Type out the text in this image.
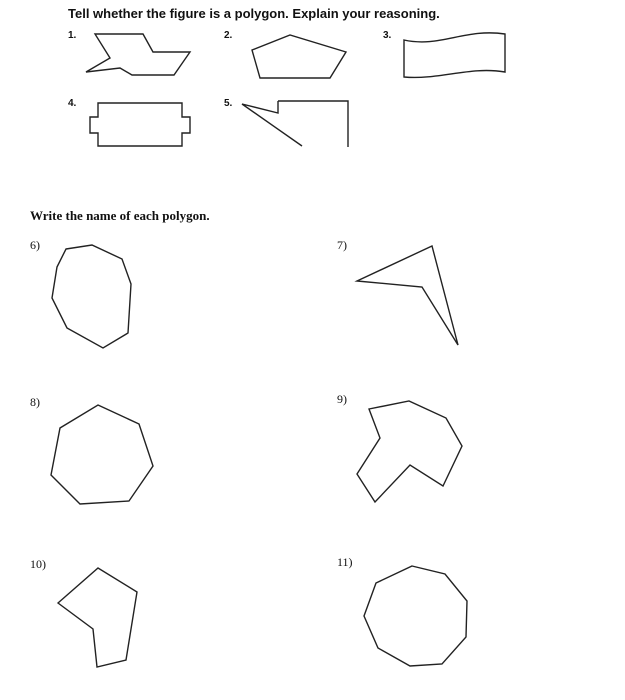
Tell whether the figure is a polygon. Explain your reasoning.
1.	2.	3.
4.	5.
Write the name of each polygon.
6)	7)
8)	9)
10)	11)
